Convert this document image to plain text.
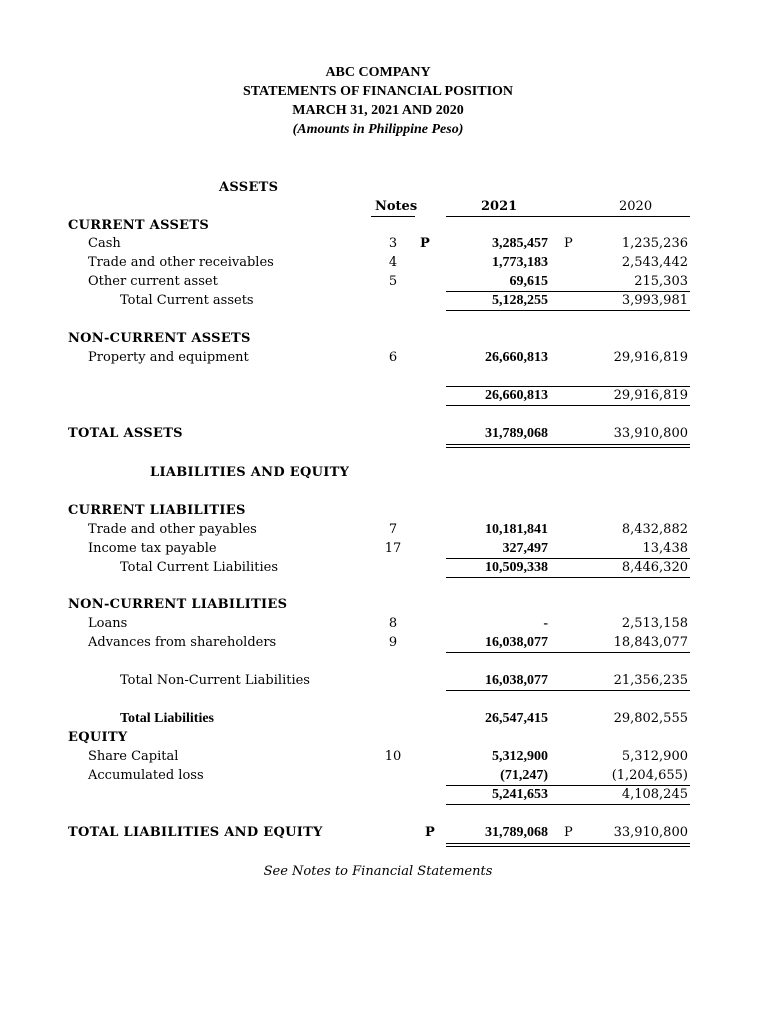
ABC COMPANY
STATEMENTS OF FINANCIAL POSITION
MARCH 31, 2021 AND 2020
(Amounts in Philippine Peso)
ASSETS
Notes	2021	2020
CURRENT ASSETS
Cash	3	P	3,285,457 P	1,235,236
Trade and other receivables	4	1,773,183	2,543,442
Other current asset	5	69,615	215,303
Total Current assets	5,128,255	3,993,981
NON-CURRENT ASSETS
Property and equipment	6	26,660,813	29,916,819
26,660,813	29,916,819
TOTAL ASSETS	31,789,068	33,910,800
LIABILITIES AND EQUITY
CURRENT LIABILITIES
Trade and other payables	7	10,181,841	8,432,882
Income tax payable	17	327,497	13,438
Total Current Liabilities	10,509,338	8,446,320
NON-CURRENT LIABILITIES
Loans	8	-	2,513,158
Advances from shareholders	9	16,038,077	18,843,077
Total Non-Current Liabilities	16,038,077	21,356,235
Total Liabilities	26,547,415	29,802,555
EQUITY
Share Capital	10	5,312,900	5,312,900
Accumulated loss	(71,247)	(1,204,655)
5,241,653	4,108,245
TOTAL LIABILITIES AND EQUITY	P	31,789,068 P	33,910,800
See Notes to Financial Statements
